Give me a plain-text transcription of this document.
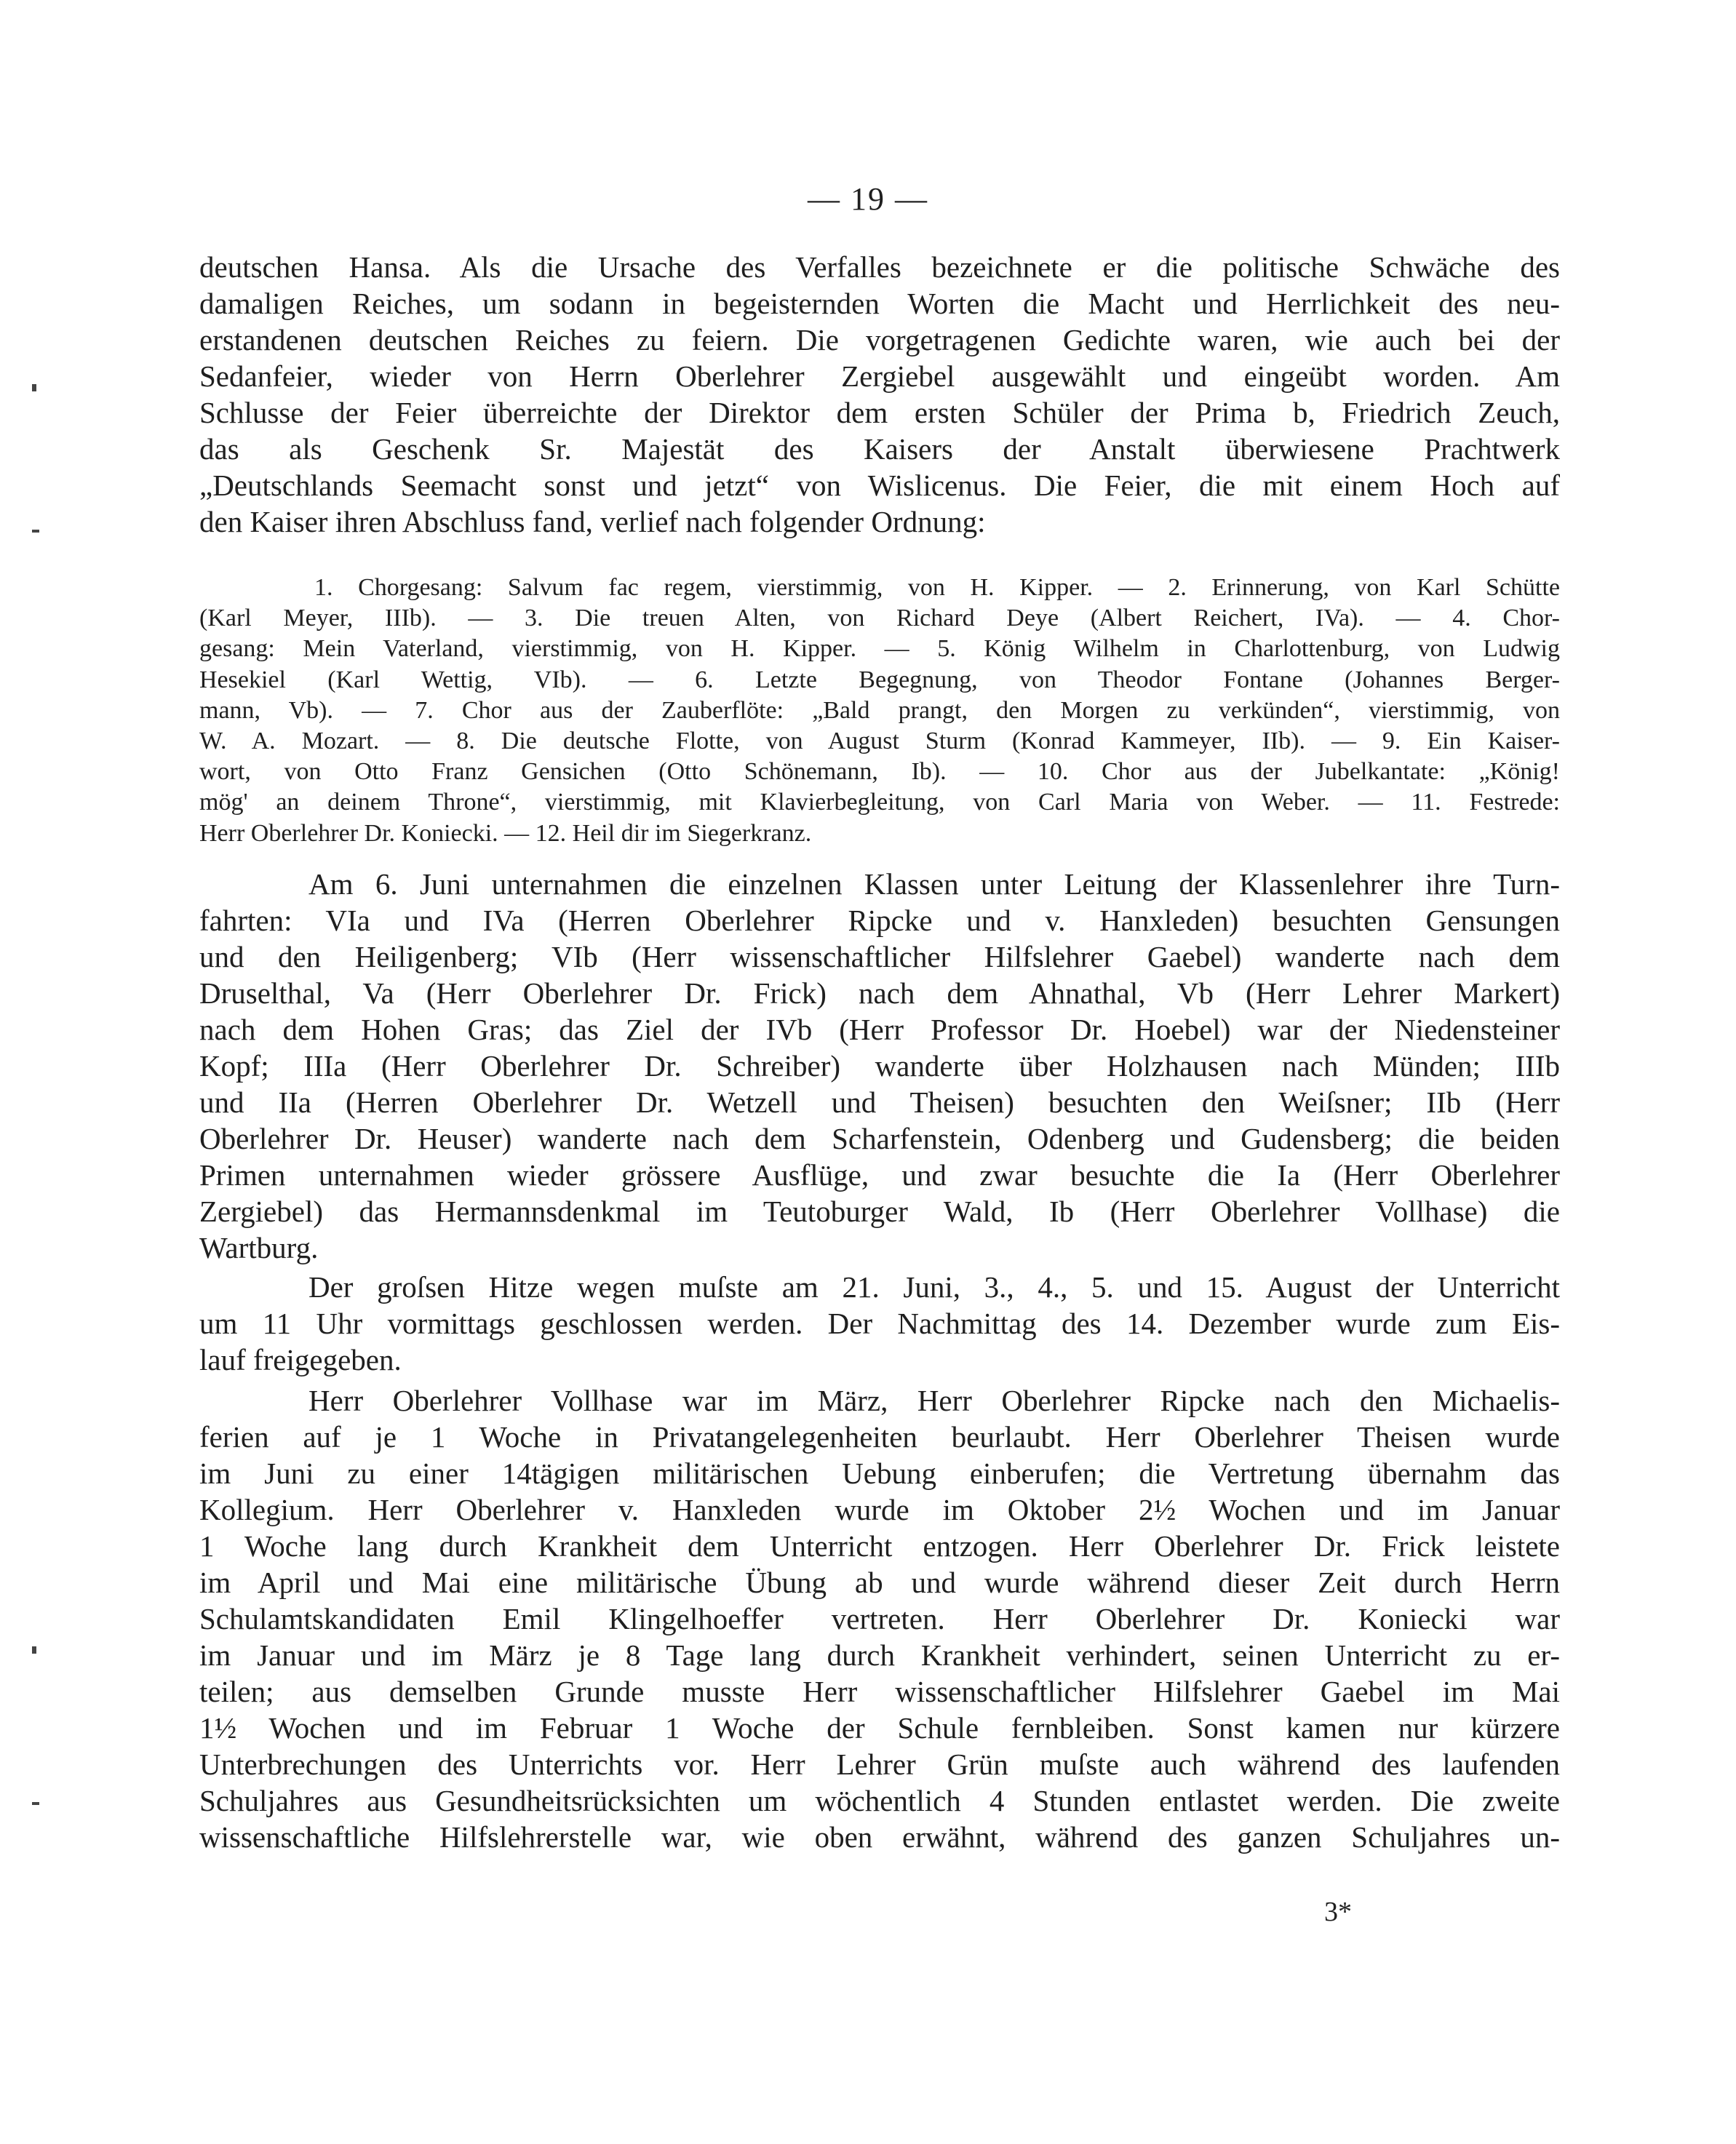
— 19 —
deutschen Hansa. Als die Ursache des Verfalles bezeichnete er die politische Schwäche des
damaligen Reiches, um sodann in begeisternden Worten die Macht und Herrlichkeit des neu-
erstandenen deutschen Reiches zu feiern. Die vorgetragenen Gedichte waren, wie auch bei der
Sedanfeier, wieder von Herrn Oberlehrer Zergiebel ausgewählt und eingeübt worden. Am
Schlusse der Feier überreichte der Direktor dem ersten Schüler der Prima b, Friedrich Zeuch,
das als Geschenk Sr. Majestät des Kaisers der Anstalt überwiesene Prachtwerk
„Deutschlands Seemacht sonst und jetzt“ von Wislicenus. Die Feier, die mit einem Hoch auf
den Kaiser ihren Abschluss fand, verlief nach folgender Ordnung:
1. Chorgesang: Salvum fac regem, vierstimmig, von H. Kipper. — 2. Erinnerung, von Karl Schütte
(Karl Meyer, IIIb). — 3. Die treuen Alten, von Richard Deye (Albert Reichert, IVa). — 4. Chor-
gesang: Mein Vaterland, vierstimmig, von H. Kipper. — 5. König Wilhelm in Charlottenburg, von Ludwig
Hesekiel (Karl Wettig, VIb). — 6. Letzte Begegnung, von Theodor Fontane (Johannes Berger-
mann, Vb). — 7. Chor aus der Zauberflöte: „Bald prangt, den Morgen zu verkünden“, vierstimmig, von
W. A. Mozart. — 8. Die deutsche Flotte, von August Sturm (Konrad Kammeyer, IIb). — 9. Ein Kaiser-
wort, von Otto Franz Gensichen (Otto Schönemann, Ib). — 10. Chor aus der Jubelkantate: „König!
mög' an deinem Throne“, vierstimmig, mit Klavierbegleitung, von Carl Maria von Weber. — 11. Festrede:
Herr Oberlehrer Dr. Koniecki. — 12. Heil dir im Siegerkranz.
Am 6. Juni unternahmen die einzelnen Klassen unter Leitung der Klassenlehrer ihre Turn-
fahrten: VIa und IVa (Herren Oberlehrer Ripcke und v. Hanxleden) besuchten Gensungen
und den Heiligenberg; VIb (Herr wissenschaftlicher Hilfslehrer Gaebel) wanderte nach dem
Druselthal, Va (Herr Oberlehrer Dr. Frick) nach dem Ahnathal, Vb (Herr Lehrer Markert)
nach dem Hohen Gras; das Ziel der IVb (Herr Professor Dr. Hoebel) war der Niedensteiner
Kopf; IIIa (Herr Oberlehrer Dr. Schreiber) wanderte über Holzhausen nach Münden; IIIb
und IIa (Herren Oberlehrer Dr. Wetzell und Theisen) besuchten den Weiſsner; IIb (Herr
Oberlehrer Dr. Heuser) wanderte nach dem Scharfenstein, Odenberg und Gudensberg; die beiden
Primen unternahmen wieder grössere Ausflüge, und zwar besuchte die Ia (Herr Oberlehrer
Zergiebel) das Hermannsdenkmal im Teutoburger Wald, Ib (Herr Oberlehrer Vollhase) die
Wartburg.
Der groſsen Hitze wegen muſste am 21. Juni, 3., 4., 5. und 15. August der Unterricht
um 11 Uhr vormittags geschlossen werden. Der Nachmittag des 14. Dezember wurde zum Eis-
lauf freigegeben.
Herr Oberlehrer Vollhase war im März, Herr Oberlehrer Ripcke nach den Michaelis-
ferien auf je 1 Woche in Privatangelegenheiten beurlaubt. Herr Oberlehrer Theisen wurde
im Juni zu einer 14tägigen militärischen Uebung einberufen; die Vertretung übernahm das
Kollegium. Herr Oberlehrer v. Hanxleden wurde im Oktober 2½ Wochen und im Januar
1 Woche lang durch Krankheit dem Unterricht entzogen. Herr Oberlehrer Dr. Frick leistete
im April und Mai eine militärische Übung ab und wurde während dieser Zeit durch Herrn
Schulamtskandidaten Emil Klingelhoeffer vertreten. Herr Oberlehrer Dr. Koniecki war
im Januar und im März je 8 Tage lang durch Krankheit verhindert, seinen Unterricht zu er-
teilen; aus demselben Grunde musste Herr wissenschaftlicher Hilfslehrer Gaebel im Mai
1½ Wochen und im Februar 1 Woche der Schule fernbleiben. Sonst kamen nur kürzere
Unterbrechungen des Unterrichts vor. Herr Lehrer Grün muſste auch während des laufenden
Schuljahres aus Gesundheitsrücksichten um wöchentlich 4 Stunden entlastet werden. Die zweite
wissenschaftliche Hilfslehrerstelle war, wie oben erwähnt, während des ganzen Schuljahres un-
3*
